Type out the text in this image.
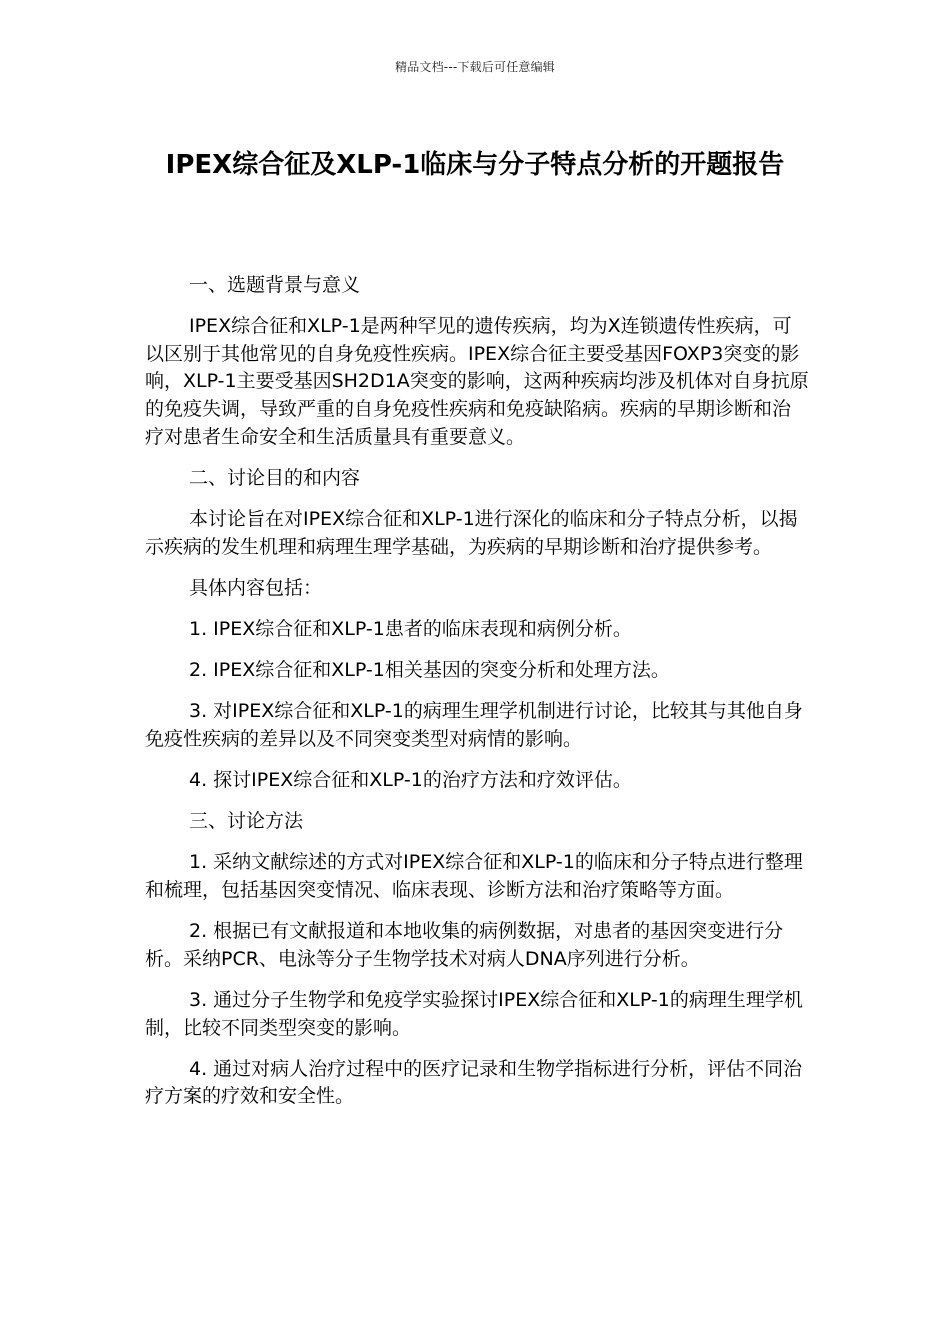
精品文档---下载后可任意编辑
IPEX综合征及XLP-1临床与分子特点分析的开题报告

一、选题背景与意义

IPEX综合征和XLP-1是两种罕见的遗传疾病，均为X连锁遗传性疾病，可以区别于其他常见的自身免疫性疾病。IPEX综合征主要受基因FOXP3突变的影响，XLP-1主要受基因SH2D1A突变的影响，这两种疾病均涉及机体对自身抗原的免疫失调，导致严重的自身免疫性疾病和免疫缺陷病。疾病的早期诊断和治疗对患者生命安全和生活质量具有重要意义。

二、讨论目的和内容

本讨论旨在对IPEX综合征和XLP-1进行深化的临床和分子特点分析，以揭示疾病的发生机理和病理生理学基础，为疾病的早期诊断和治疗提供参考。

具体内容包括：

1. IPEX综合征和XLP-1患者的临床表现和病例分析。

2. IPEX综合征和XLP-1相关基因的突变分析和处理方法。

3. 对IPEX综合征和XLP-1的病理生理学机制进行讨论，比较其与其他自身免疫性疾病的差异以及不同突变类型对病情的影响。

4. 探讨IPEX综合征和XLP-1的治疗方法和疗效评估。

三、讨论方法

1. 采纳文献综述的方式对IPEX综合征和XLP-1的临床和分子特点进行整理和梳理，包括基因突变情况、临床表现、诊断方法和治疗策略等方面。

2. 根据已有文献报道和本地收集的病例数据，对患者的基因突变进行分析。采纳PCR、电泳等分子生物学技术对病人DNA序列进行分析。

3. 通过分子生物学和免疫学实验探讨IPEX综合征和XLP-1的病理生理学机制，比较不同类型突变的影响。

4. 通过对病人治疗过程中的医疗记录和生物学指标进行分析，评估不同治疗方案的疗效和安全性。
